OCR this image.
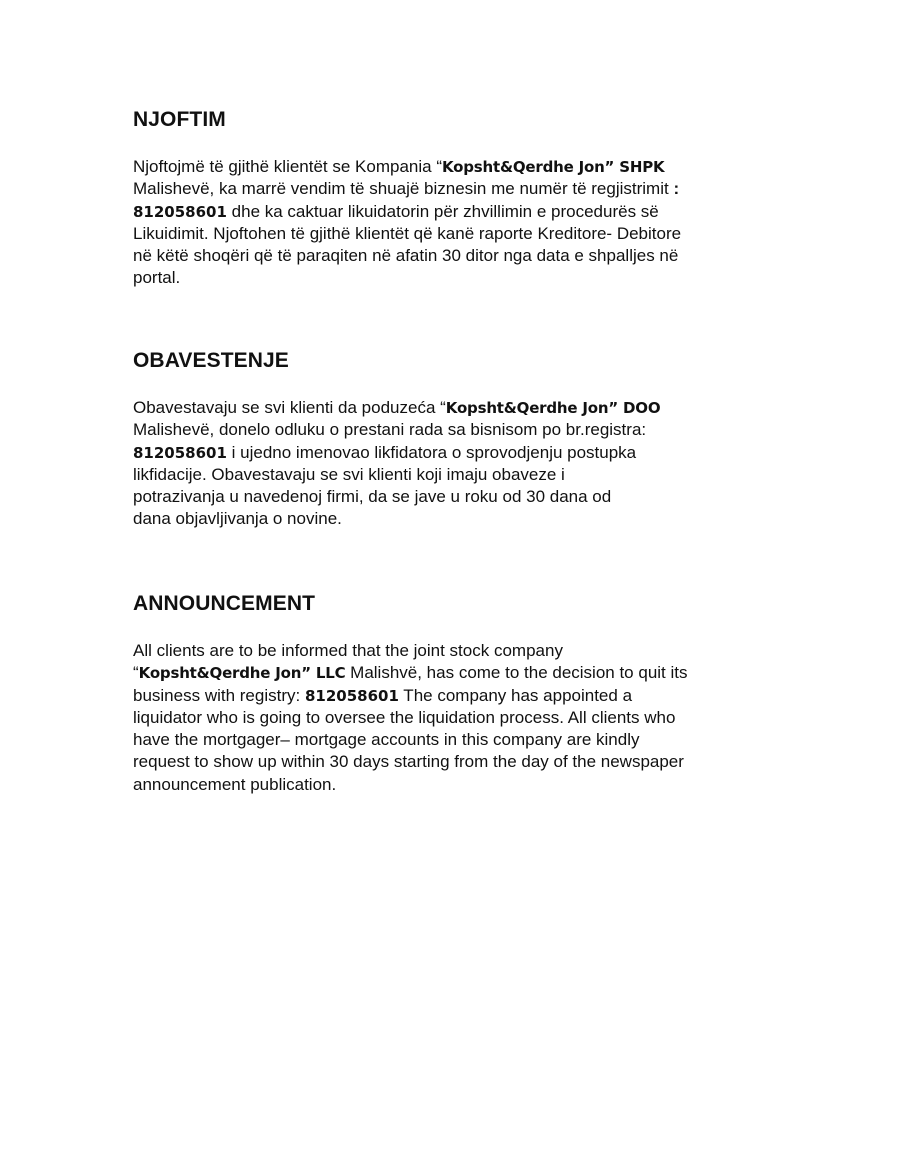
NJOFTIM

Njoftojmë të gjithë klientët se Kompania “Kopsht&Qerdhe Jon” SHPK
Malishevë, ka marrë vendim të shuajë biznesin me numër të regjistrimit :
812058601 dhe ka caktuar likuidatorin për zhvillimin e procedurës së
Likuidimit. Njoftohen të gjithë klientët që kanë raporte Kreditore- Debitore
në këtë shoqëri që të paraqiten në afatin 30 ditor nga data e shpalljes në
portal.

OBAVESTENJE

Obavestavaju se svi klienti da poduzeća “Kopsht&Qerdhe Jon” DOO
Malishevë, donelo odluku o prestani rada sa bisnisom po br.registra:
812058601 i ujedno imenovao likfidatora o sprovodjenju postupka
likfidacije. Obavestavaju se svi klienti koji imaju obaveze i
potrazivanja u navedenoj firmi, da se jave u roku od 30 dana od
dana objavljivanja o novine.

ANNOUNCEMENT

All clients are to be informed that the joint stock company
“Kopsht&Qerdhe Jon” LLC Malishvë, has come to the decision to quit its
business with registry: 812058601 The company has appointed a
liquidator who is going to oversee the liquidation process. All clients who
have the mortgager– mortgage accounts in this company are kindly
request to show up within 30 days starting from the day of the newspaper
announcement publication.
